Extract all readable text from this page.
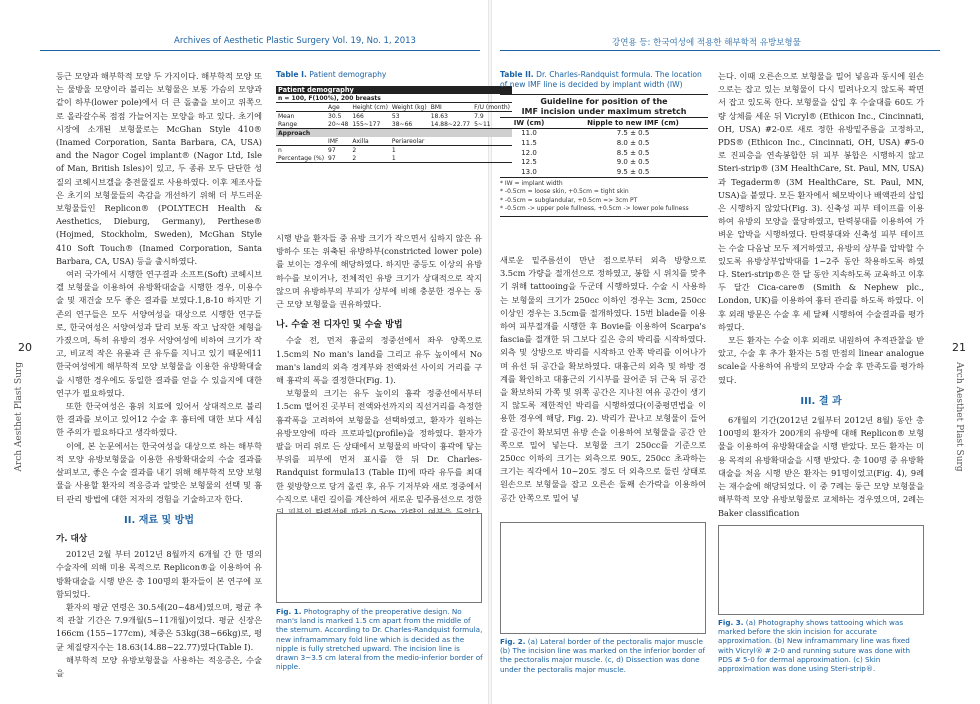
Archives of Aesthetic Plastic Surgery Vol. 19, No. 1, 2013	강연용 등: 한국여성에 적용한 해부학적 유방보형물
20	21
Arch Aesthet Plast Surg	Arch Aesthet Plast Surg

등근 모양과 해부학적 모양 두 가지이다. 해부학적 모양 또는 물방울 모양이라 불리는 보형물은 보통 가슴의 모양과 같이 하부(lower pole)에서 더 큰 돌출을 보이고 위쪽으로 올라갈수록 점점 가늘어지는 모양을 하고 있다. 초기에 시장에 소개된 보형물로는 McGhan Style 410® (Inamed Corporation, Santa Barbara, CA, USA) and the Nagor Cogel implant® (Nagor Ltd, Isle of Man, British Isles)이 있고, 두 종류 모두 단단한 성질의 코헤시브겔을 충전물질로 사용하였다. 이후 제조사들은 초기의 보형물들의 촉감을 개선하기 위해 더 부드러운 보형물들인 Replicon® (POLYTECH Health & Aesthetics, Dieburg, Germany), Perthese® (Hojmed, Stockholm, Sweden), McGhan Style 410 Soft Touch® (Inamed Corporation, Santa Barbara, CA, USA) 등을 출시하였다.

여러 국가에서 시행한 연구결과 소프트(Soft) 코헤시브겔 보형물을 이용하여 유방확대술을 시행한 경우, 미용수술 및 재건술 모두 좋은 결과를 보였다.1,8-10 하지만 기존의 연구들은 모두 서양여성을 대상으로 시행한 연구들로, 한국여성은 서양여성과 달리 보통 작고 납작한 체형을 가졌으며, 특히 유방의 경우 서양여성에 비하여 크기가 작고, 비교적 작은 유륜과 큰 유두를 지니고 있기 때문에11 한국여성에게 해부학적 모양 보형물을 이용한 유방확대술을 시행한 경우에도 동일한 결과를 얻을 수 있을지에 대한 연구가 필요하였다.

또한 한국여성은 흉위 치료에 있어서 상대적으로 불리한 결과를 보이고 있어12 수술 후 흉터에 대한 보다 세심한 주의가 필요하다고 생각하였다.

이에, 본 논문에서는 한국여성을 대상으로 하는 해부학적 모양 유방보형물을 이용한 유방확대술의 수술 결과를 살펴보고, 좋은 수술 결과를 내기 위해 해부학적 모양 보형물을 사용할 환자의 적응증과 알맞은 보형물의 선택 및 흉터 관리 방법에 대한 저자의 경험을 기술하고자 한다.

II. 재료 및 방법
가. 대상

2012년 2월 부터 2012년 8월까지 6개월 간 한 명의 수술자에 의해 미용 목적으로 Replicon®을 이용하여 유방확대술을 시행 받은 총 100명의 환자들이 본 연구에 포함되었다.

환자의 평균 연령은 30.5세(20~48세)였으며, 평균 추적 관찰 기간은 7.9개월(5~11개월)이었다. 평균 신장은 166cm (155~177cm), 체중은 53kg(38~66kg)로, 평균 체질량지수는 18.63(14.88~22.77)였다(Table I).

해부학적 모양 유방보형물을 사용하는 적응증은, 수술을

Table I. Patient demography
Patient demography					
n = 100, F(100%), 200 breasts					
	Age	Height (cm)	Weight (kg)	BMI	F/U (month)
Mean	30.5	166	53	18.63	7.9
Range	20~48	155~177	38~66	14.88~22.77	5~11
Approach					
	IMF	Axilla	Periareolar		
n	97	2	1		
Percentage (%)	97	2	1		

시행 받을 환자들 중 유방 크기가 작으면서 심하지 않은 유방하수 또는 위축된 유방하부(constricted lower pole)를 보이는 경우에 해당하였다. 하지만 중등도 이상의 유방하수를 보이거나, 전체적인 유방 크기가 상대적으로 작지 않으며 유방하부의 부피가 상부에 비해 충분한 경우는 둥근 모양 보형물을 권유하였다.

나. 수술 전 디자인 및 수술 방법

수술 전, 먼저 흉골의 정중선에서 좌우 양쪽으로 1.5cm의 No man's land를 그리고 유두 높이에서 No man's land의 외측 경계부와 전액와선 사이의 거리를 구해 흉곽의 폭을 결정한다(Fig. 1).

보형물의 크기는 유두 높이의 흉곽 정중선에서부터 1.5cm 떨어진 곳부터 전액와선까지의 직선거리를 측정한 흉곽폭을 고려하여 보형물을 선택하였고, 환자가 원하는 유방모양에 따라 프로파일(profile)을 정하였다. 환자가 팔을 머리 위로 든 상태에서 보형물의 바닥이 흉곽에 닿는 부위를 피부에 먼저 표시를 한 뒤 Dr. Charles-Randquist formula13 (Table II)에 따라 유두를 최대한 윗방향으로 당겨 올린 후, 유두 기저부와 새로 정중에서 수직으로 내린 길이를 계산하여 새로운 밑주름선으로 정한

Fig. 1. Photography of the preoperative design. No man's land is marked 1.5 cm apart from the middle of the sternum. According to Dr. Charles-Randquist formula, new inframammary fold line which is decided as the nipple is fully stretched upward. The incision line is drawn 3~3.5 cm lateral from the medio-inferior border of nipple.
Table II. Dr. Charles-Randquist formula. The location of new IMF line is decided by implant width (IW)
Guideline for position of the
IMF incision under maximum stretch
IW (cm)	Nipple to new IMF (cm)
11.0	7.5 ± 0.5
11.5	8.0 ± 0.5
12.0	8.5 ± 0.5
12.5	9.0 ± 0.5
13.0	9.5 ± 0.5
* IW = implant width
* -0.5cm = loose skin, +0.5cm = tight skin
* -0.5cm = subglandular, +0.5cm => 3cm PT
* -0.5cm -> upper pole fullness, +0.5cm -> lower pole fullness

새로운 밑주름선이 만난 점으로부터 외측 방향으로 3.5cm 가량을 절개선으로 정하였고, 봉합 시 위치를 맞추기 위해 tattooing을 두군데 시행하였다. 수술 시 사용하는 보형물의 크기가 250cc 이하인 경우는 3cm, 250cc 이상인 경우는 3.5cm를 절개하였다. 15번 blade를 이용하여 피부절개를 시행한 후 Bovie를 이용하여 Scarpa's fascia를 절개한 뒤 그보다 깊은 층의 박리를 시작하였다. 외측 및 상방으로 박리를 시작하고 안쪽 박리를 이어나가며 유선 뒤 공간을 확보하였다. 대흉근의 외측 및 하방 경계를 확인하고 대흉근의 기시부를 끌어준 뒤 근육 뒤 공간을 확보하되 가쪽 및 위쪽 공간은 지나친 여유 공간이 생기지 않도록 제한적인 박리를 시행하였다(이중평면법을 이용한 경우에 해당, Fig. 2). 박리가 끝나고 보형물이 들어갈 공간이 확보되면 유방 손을 이용하여 보형물을 공간 안쪽으로 밀어 넣는다. 보형물 크기 250cc를 기준으로 250cc 이하의 크기는 외측으로 90도, 250cc 초과하는 크기는 직각에서 10~20도 정도 더 외측으로 둘린 상태로 원손으로 보형물을 잡고 오른손 둘째 손가락을 이용하여 공간 안쪽으로 밀어 넣

Fig. 2. (a) Lateral border of the pectoralis major muscle (b) The incision line was marked on the inferior border of the pectoralis major muscle. (c, d) Dissection was done under the pectoralis major muscle.

는다. 이때 오른손으로 보형물을 밀어 넣음과 동시에 원손으로는 잡고 있는 보형물이 다시 밀려나오지 않도록 꽉면서 잡고 있도록 한다. 보형물을 삽입 후 수술대를 60도 가량 상체를 세운 뒤 Vicryl® (Ethicon Inc., Cincinnati, OH, USA) #2-0로 새로 정한 유방밑주름을 고정하고, PDS® (Ethicon Inc., Cincinnati, OH, USA) #5-0로 진피층을 연속봉합한 뒤 피부 봉합은 시행하지 않고 Steri-strip® (3M HealthCare, St. Paul, MN, USA)과 Tegaderm® (3M HealthCare, St. Paul, MN, USA)을 붙였다. 모든 환자에서 헤모박이나 배액관의 삽입은 시행하지 않았다(Fig. 3). 신축성 피부 테이프를 이용하여 유방의 모양을 물당하였고, 탄력붕대를 이용하여 가벼운 압박을 시행하였다. 탄력붕대와 신축성 피부 테이프는 수술 다음날 모두 제거하였고, 유방의 상부를 압박할 수 있도록 유방상부압박대를 1~2주 동안 착용하도록 하였다. Steri-strip®은 한 달 동안 지속하도록 교육하고 이후 두 달간 Cica-care® (Smith & Nephew plc., London, UK)를 이용하여 흉터 관리를 하도록 하였다. 이후 외래 방문은 수술 후 세 달째 시행하여 수술결과를 평가하였다.

모든 환자는 수술 이후 외래로 내원하여 추적관찰을 받았고, 수술 후 추가 환자는 5점 만점의 linear analogue scale을 사용하여 유방의 모양과 수술 후 만족도를 평가하였다.

III. 결 과

6개월의 기간(2012년 2월부터 2012년 8월) 동안 총 100명의 환자가 200개의 유방에 대해 Replicon® 보형물을 이용하여 유방확대술을 시행 받았다. 모든 환자는 미용 목적의 유방확대술을 시행 받았다. 총 100명 중 유방확대술을 처음 시행 받은 환자는 91명이었고(Fig. 4), 9례는 재수술에 해당되었다. 이 중 7례는 둥근 모양 보형물을 해부학적 모양 유방보형물로 교체하는 경우였으며, 2례는 Baker classification

Fig. 3. (a) Photography shows tattooing which was marked before the skin incision for accurate approximation. (b) New inframammary line was fixed with Vicryl® # 2-0 and running suture was done with PDS # 5-0 for dermal approximation. (c) Skin approximation was done using Steri-strip®.
